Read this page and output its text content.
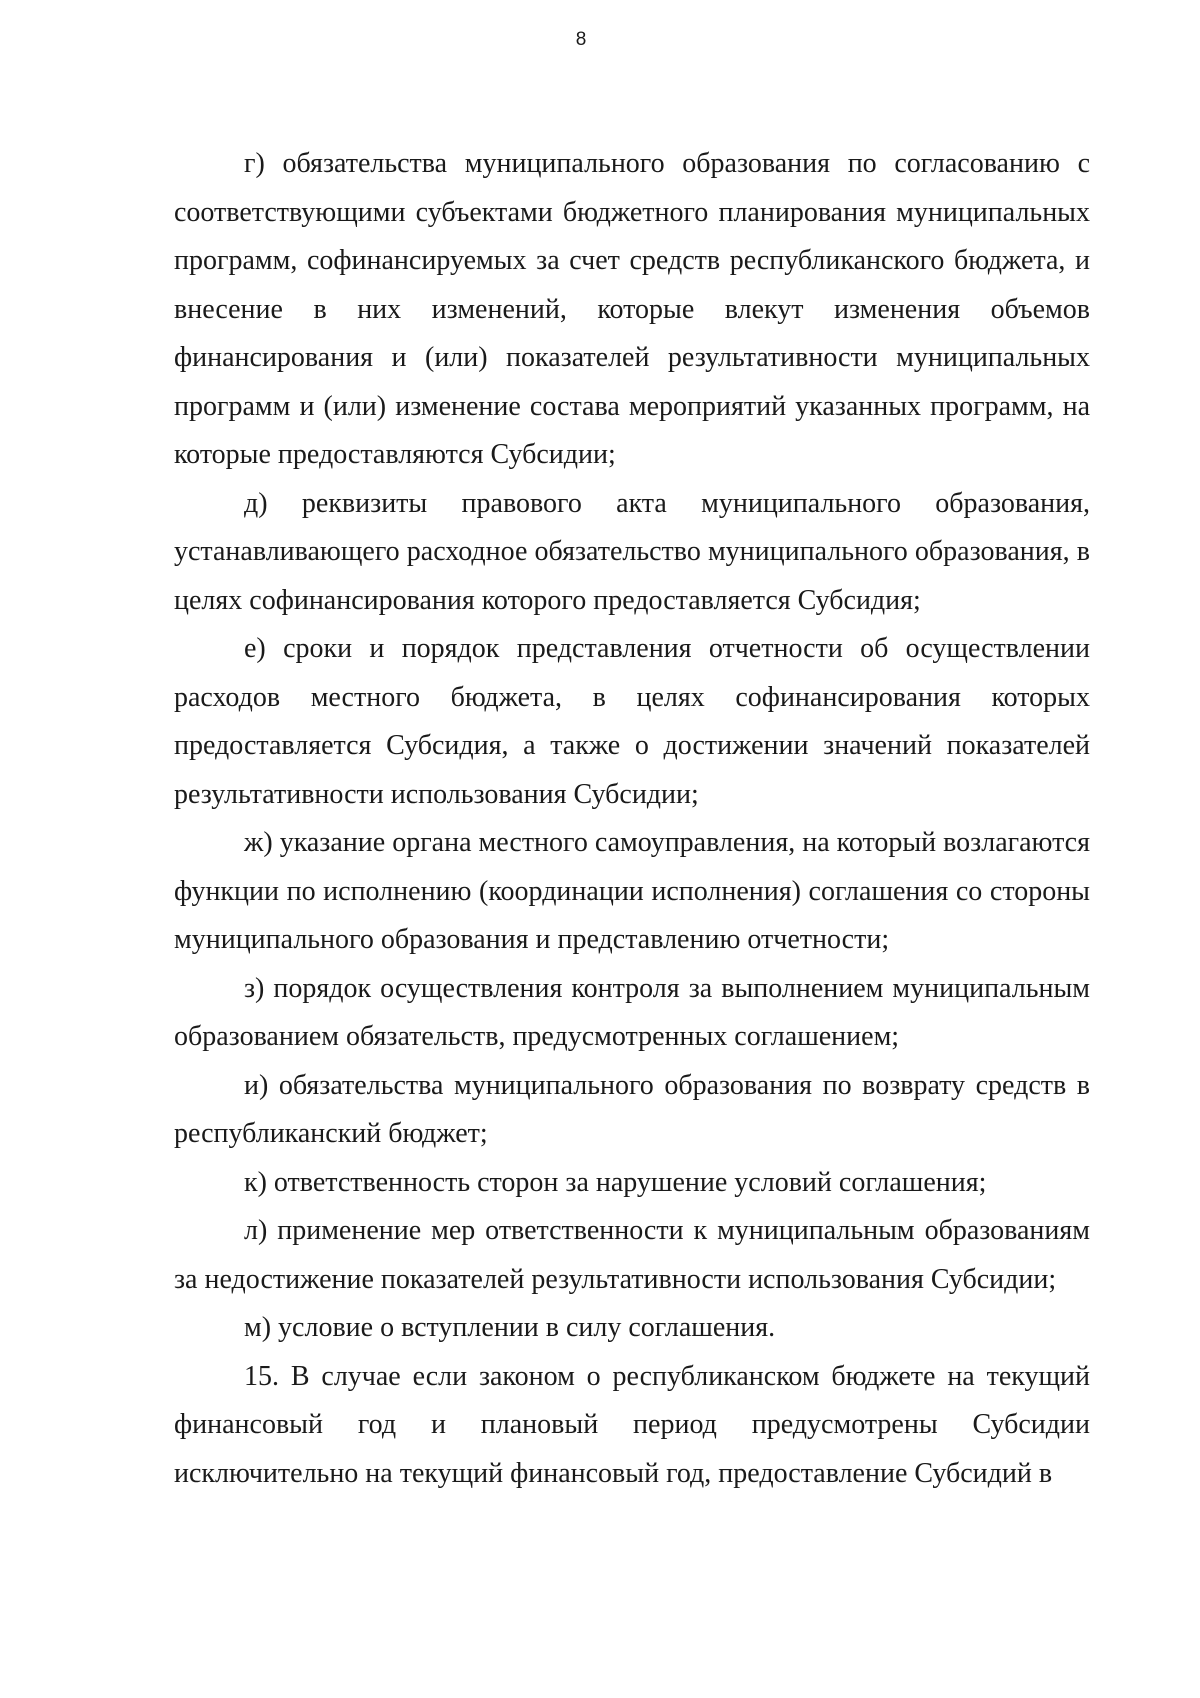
8

г) обязательства муниципального образования по согласованию с соответствующими субъектами бюджетного планирования муниципальных программ, софинансируемых за счет средств республиканского бюджета, и внесение в них изменений, которые влекут изменения объемов финансирования и (или) показателей результативности муниципальных программ и (или) изменение состава мероприятий указанных программ, на которые предоставляются Субсидии;

д) реквизиты правового акта муниципального образования, устанавливающего расходное обязательство муниципального образования, в целях софинансирования которого предоставляется Субсидия;

е) сроки и порядок представления отчетности об осуществлении расходов местного бюджета, в целях софинансирования которых предоставляется Субсидия, а также о достижении значений показателей результативности использования Субсидии;

ж) указание органа местного самоуправления, на который возлагаются функции по исполнению (координации исполнения) соглашения со стороны муниципального образования и представлению отчетности;

з) порядок осуществления контроля за выполнением муниципальным образованием обязательств, предусмотренных соглашением;

и) обязательства муниципального образования по возврату средств в республиканский бюджет;

к) ответственность сторон за нарушение условий соглашения;

л) применение мер ответственности к муниципальным образованиям за недостижение показателей результативности использования Субсидии;

м) условие о вступлении в силу соглашения.

15. В случае если законом о республиканском бюджете на текущий финансовый год и плановый период предусмотрены Субсидии исключительно на текущий финансовый год, предоставление Субсидий в
